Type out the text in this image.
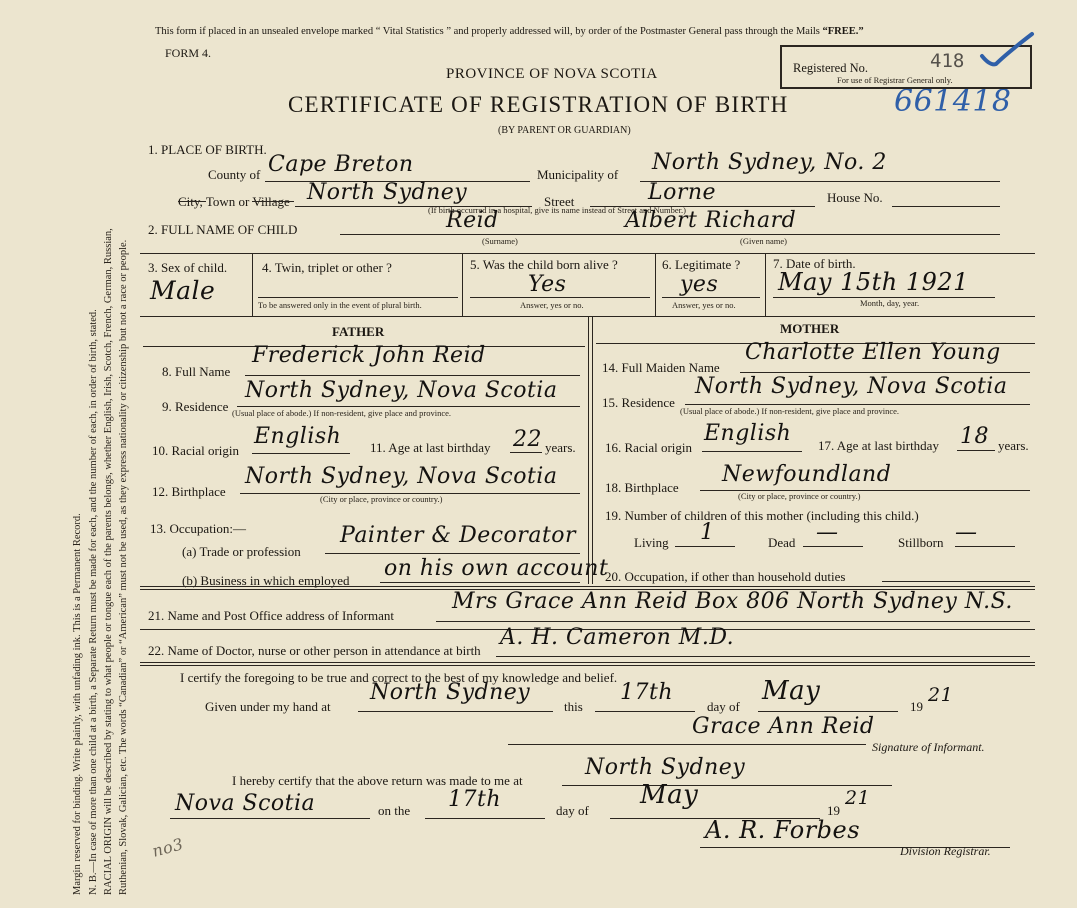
Margin reserved for binding. Write plainly, with unfading ink. This is a Permanent Record. N. B.—In case of more than one child at a birth, a Separate Return must be made for each, and the number of each, in order of birth, stated. RACIAL ORIGIN will be described by stating to what people or tongue each of the parents belongs, whether English, Irish, Scotch, French, German, Russian, Ruthenian, Slovak, Galician, etc. The words “Canadian” or “American” must not be used, as they express nationality or citizenship but not a race or people. no3
This form if placed in an unsealed envelope marked “ Vital Statistics ” and properly addressed will, by order of the Postmaster General pass through the Mails “FREE.”
FORM 4.
PROVINCE OF NOVA SCOTIA
CERTIFICATE OF REGISTRATION OF BIRTH
(BY PARENT OR GUARDIAN)
661418
Registered No.	418
For use of Registrar General only.
1. PLACE OF BIRTH.
County of Cape Breton	Municipality of North Sydney, No. 2
City, Town or Village North Sydney	Street	Lorne	House No.
(If birth occurred in a hospital, give its name instead of Street and Number.)
2. FULL NAME OF CHILD	Reid
(Surname)
Albert Richard
(Given name)
3. Sex of child.
Male
4. Twin, triplet or other ?
To be answered only in the event of plural birth.
5. Was the child born alive ?
Yes
Answer, yes or no.
6. Legitimate ?
yes
Answer, yes or no.
7. Date of birth.
May 15th 1921
Month, day, year.
FATHER	MOTHER
8. Full Name
Frederick John Reid
9. Residence
North Sydney, Nova Scotia
(Usual place of abode.) If non-resident, give place and province.
10. Racial origin
English 11. Age at last birthday 22 years.
12. Birthplace
North Sydney, Nova Scotia
(City or place, province or country.)
13. Occupation:—
(a) Trade or profession
Painter & Decorator
(b) Business in which employed on his own account
14. Full Maiden Name
Charlotte Ellen Young
15. Residence
North Sydney, Nova Scotia
(Usual place of abode.) If non-resident, give place and province.
16. Racial origin
English 17. Age at last birthday 18 years.
18. Birthplace
Newfoundland
(City or place, province or country.)
19. Number of children of this mother (including this child.)
Living 1	Dead —	Stillborn —
20. Occupation, if other than household duties
21. Name and Post Office address of Informant
Mrs Grace Ann Reid Box 806 North Sydney N.S.
22. Name of Doctor, nurse or other person in attendance at birth
A. H. Cameron M.D.
I certify the foregoing to be true and correct to the best of my knowledge and belief.
Given under my hand at
North Sydney
this
17th
day of
May
19
21
Grace Ann Reid
Signature of Informant.
I hereby certify that the above return was made to me at
North Sydney
Nova Scotia	on the 17th	day of
May
19
21
A. R. Forbes
Division Registrar.
